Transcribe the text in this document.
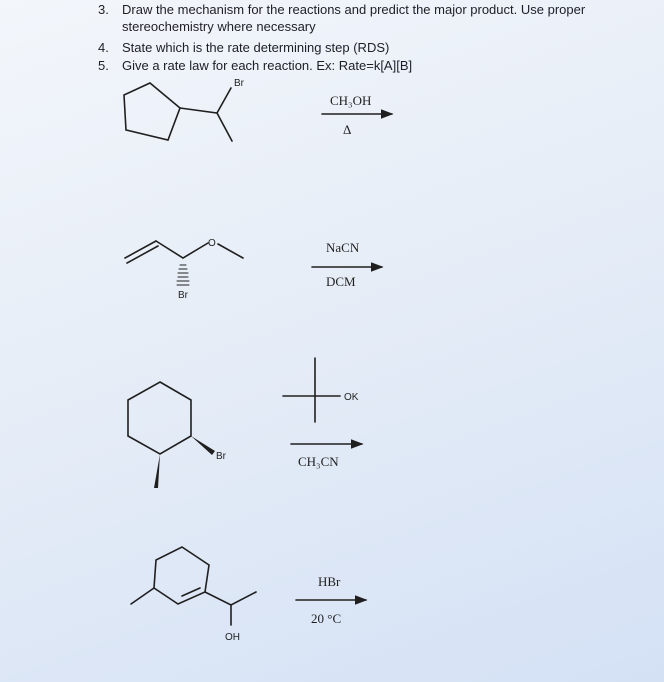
3. Draw the mechanism for the reactions and predict the major product. Use proper
stereochemistry where necessary
4. State which is the rate determining step (RDS)
5. Give a rate law for each reaction. Ex: Rate=k[A][B]
Br
CH₃OH
Δ
O
Br
NaCN
DCM
Br
OK
CH₃CN
OH
HBr
20 °C
